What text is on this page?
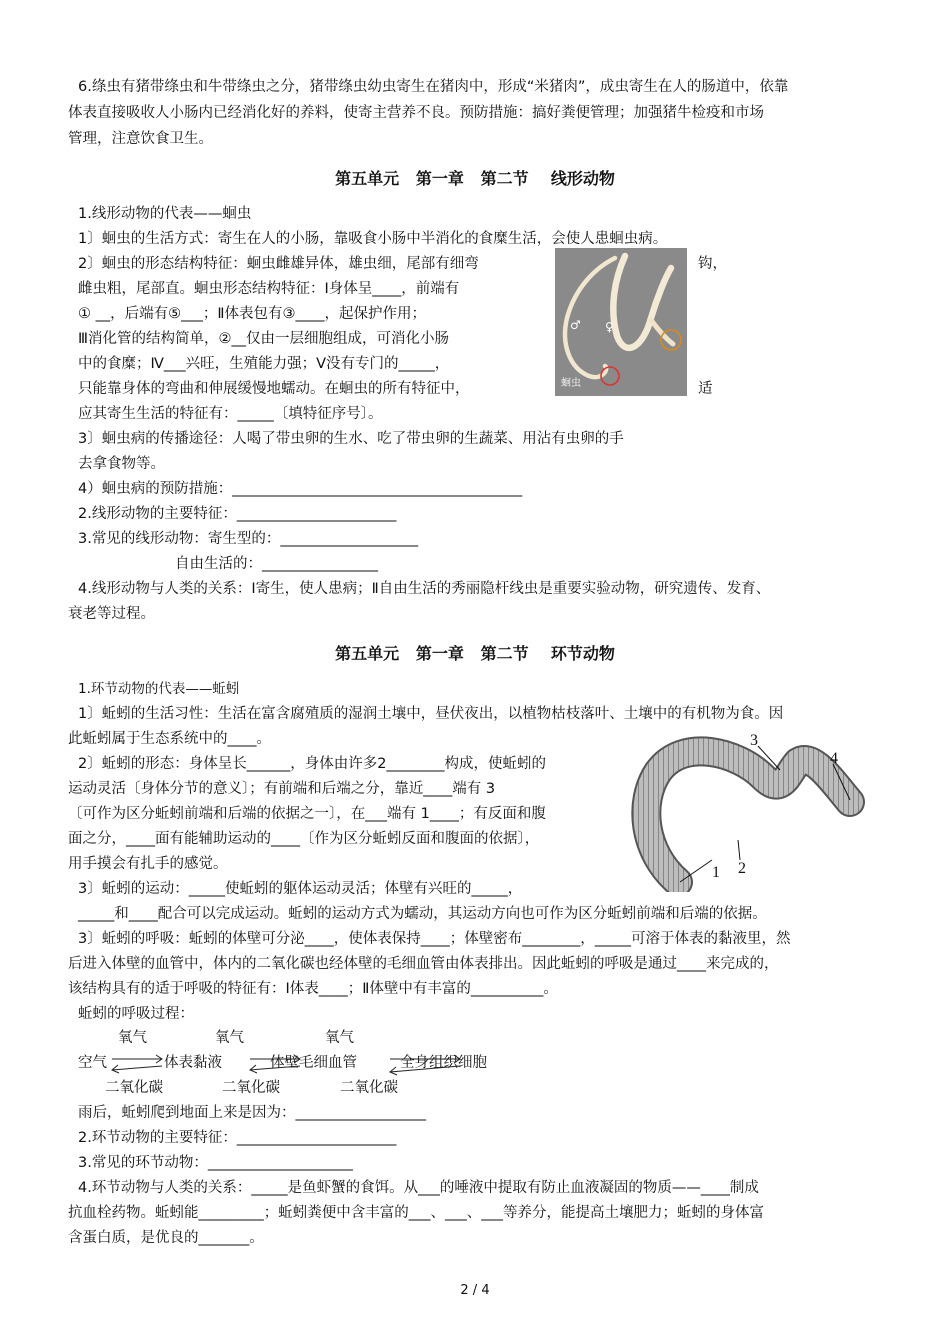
6.绦虫有猪带绦虫和牛带绦虫之分，猪带绦虫幼虫寄生在猪肉中，形成“米猪肉”，成虫寄生在人的肠道中，依靠
体表直接吸收人小肠内已经消化好的养料，使寄主营养不良。预防措施：搞好粪便管理；加强猪牛检疫和市场
管理，注意饮食卫生。
第五单元   第一章   第二节    线形动物
1.线形动物的代表——蛔虫
1〕蛔虫的生活方式：寄生在人的小肠，靠吸食小肠中半消化的食糜生活，会使人患蛔虫病。
2〕蛔虫的形态结构特征：蛔虫雌雄异体，雄虫细，尾部有细弯
雌虫粗，尾部直。蛔虫形态结构特征：Ⅰ身体呈____，前端有
① __，后端有⑤___；Ⅱ体表包有③____，起保护作用；
Ⅲ消化管的结构简单，②__仅由一层细胞组成，可消化小肠
中的食糜；Ⅳ___兴旺，生殖能力强；Ⅴ没有专门的_____，
只能靠身体的弯曲和伸展缓慢地蠕动。在蛔虫的所有特征中，
应其寄生生活的特征有：_____〔填特征序号〕。
3〕蛔虫病的传播途径：人喝了带虫卵的生水、吃了带虫卵的生蔬菜、用沾有虫卵的手
去拿食物等。
4）蛔虫病的预防措施：________________________________________
2.线形动物的主要特征：______________________
3.常见的线形动物：寄生型的：___________________
自由生活的：________________
4.线形动物与人类的关系：Ⅰ寄生，使人患病；Ⅱ自由生活的秀丽隐杆线虫是重要实验动物，研究遗传、发育、
衰老等过程。
钩，
适
♂ ♀
蛔虫
第五单元   第一章   第二节    环节动物
1.环节动物的代表——蚯蚓
1〕蚯蚓的生活习性：生活在富含腐殖质的湿润土壤中，昼伏夜出，以植物枯枝落叶、土壤中的有机物为食。因
此蚯蚓属于生态系统中的____。
2〕蚯蚓的形态：身体呈长______，身体由许多2________构成，使蚯蚓的
运动灵活〔身体分节的意义〕；有前端和后端之分，靠近____端有 3
〔可作为区分蚯蚓前端和后端的依据之一〕，在___端有 1____；有反面和腹
面之分，____面有能辅助运动的____〔作为区分蚯蚓反面和腹面的依据〕，
用手摸会有扎手的感觉。
3〕蚯蚓的运动：_____使蚯蚓的躯体运动灵活；体壁有兴旺的_____，
_____和____配合可以完成运动。蚯蚓的运动方式为蠕动，其运动方向也可作为区分蚯蚓前端和后端的依据。
3〕蚯蚓的呼吸：蚯蚓的体壁可分泌____，使体表保持____；体壁密布________，_____可溶于体表的黏液里，然
后进入体壁的血管中，体内的二氧化碳也经体壁的毛细血管由体表排出。因此蚯蚓的呼吸是通过____来完成的，
该结构具有的适于呼吸的特征有：Ⅰ体表____；Ⅱ体壁中有丰富的__________。
蚯蚓的呼吸过程：
1 2
3
4
氧气	氧气	氧气
空气	体表黏液	体壁毛细血管	全身组织细胞
二氧化碳	二氧化碳	二氧化碳
雨后，蚯蚓爬到地面上来是因为：__________________
2.环节动物的主要特征：______________________
3.常见的环节动物：____________________
4.环节动物与人类的关系：_____是鱼虾蟹的食饵。从___的唾液中提取有防止血液凝固的物质——____制成
抗血栓药物。蚯蚓能_________；蚯蚓粪便中含丰富的___、___、___等养分，能提高土壤肥力；蚯蚓的身体富
含蛋白质，是优良的_______。
2 / 4
